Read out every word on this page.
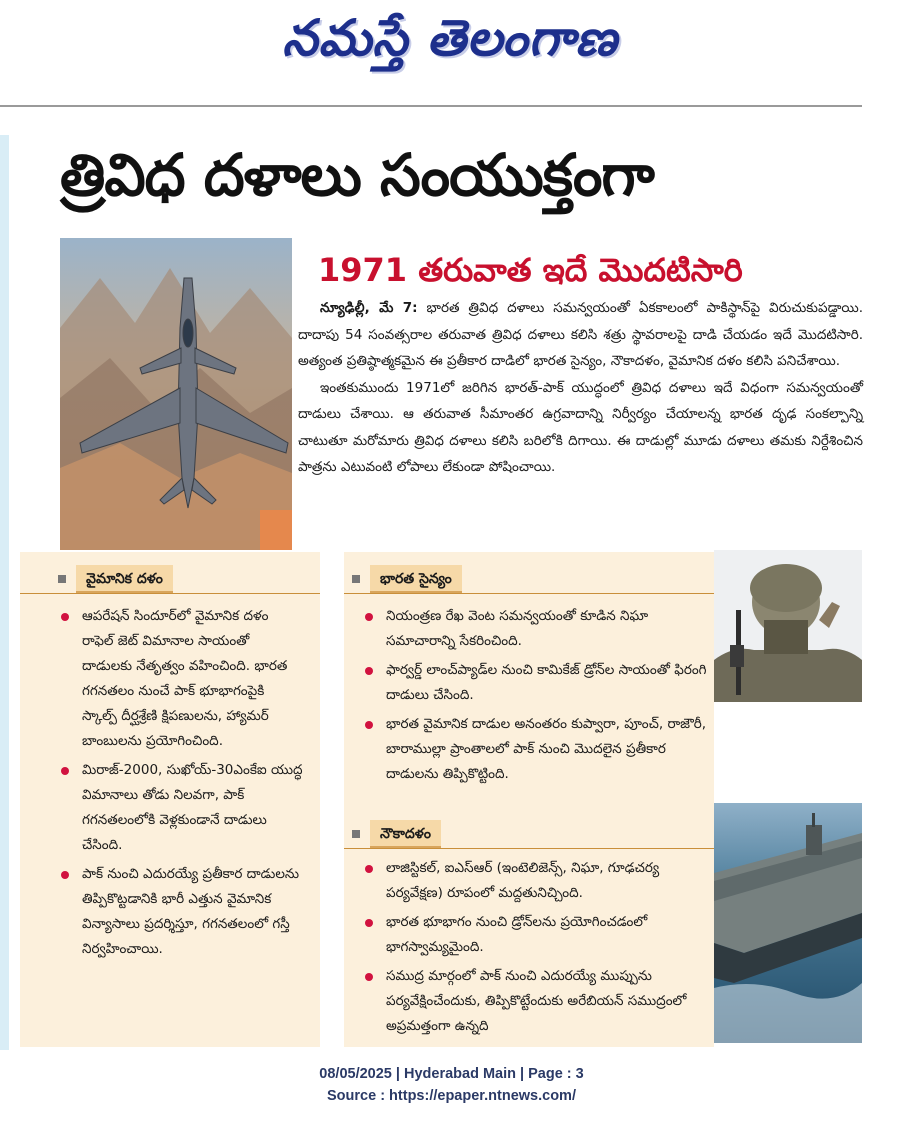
నమస్తే తెలంగాణ
త్రివిధ దళాలు సంయుక్తంగా
1971 తరువాత ఇదే మొదటిసారి

న్యూఢిల్లీ, మే 7: భారత త్రివిధ దళాలు సమన్వయంతో ఏకకాలంలో పాకిస్థాన్‌పై విరుచుకుపడ్డాయి. దాదాపు 54 సంవత్సరాల తరువాత త్రివిధ దళాలు కలిసి శత్రు స్థావరాలపై దాడి చేయడం ఇదే మొదటిసారి. అత్యంత ప్రతిష్ఠాత్మకమైన ఈ ప్రతీకార దాడిలో భారత సైన్యం, నౌకాదళం, వైమానిక దళం కలిసి పనిచేశాయి.

ఇంతకుముందు 1971లో జరిగిన భారత్‌-పాక్‌ యుద్ధంలో త్రివిధ దళాలు ఇదే విధంగా సమన్వయంతో దాడులు చేశాయి. ఆ తరువాత సీమాంతర ఉగ్రవాదాన్ని నిర్వీర్యం చేయాలన్న భారత దృఢ సంకల్పాన్ని చాటుతూ మరోమారు త్రివిధ దళాలు కలిసి బరిలోకి దిగాయి. ఈ దాడుల్లో మూడు దళాలు తమకు నిర్దేశించిన పాత్రను ఎటువంటి లోపాలు లేకుండా పోషించాయి.

వైమానిక దళం
ఆపరేషన్‌ సిందూర్‌లో వైమానిక దళం రాఫెల్‌ జెట్‌ విమానాల సాయంతో దాడులకు నేతృత్వం వహించింది. భారత గగనతలం నుంచే పాక్‌ భూభాగంపైకి స్కాల్ప్‌ దీర్ఘశ్రేణి క్షిపణులను, హ్యామర్‌ బాంబులను ప్రయోగించింది.
మిరాజ్‌-2000, సుఖోయ్‌-30ఎంకేఐ యుద్ధ విమానాలు తోడు నిలవగా, పాక్‌ గగనతలంలోకి వెళ్లకుండానే దాడులు చేసింది.
పాక్‌ నుంచి ఎదురయ్యే ప్రతీకార దాడులను తిప్పికొట్టడానికి భారీ ఎత్తున వైమానిక విన్యాసాలు ప్రదర్శిస్తూ, గగనతలంలో గస్తీ నిర్వహించాయి.
భారత సైన్యం
నియంత్రణ రేఖ వెంట సమన్వయంతో కూడిన నిఘా సమాచారాన్ని సేకరించింది.
ఫార్వర్డ్‌ లాంచ్‌ప్యాడ్‌ల నుంచి కామికేజ్‌ డ్రోన్‌ల సాయంతో ఫిరంగి దాడులు చేసింది.
భారత వైమానిక దాడుల అనంతరం కుప్వారా, పూంచ్‌, రాజౌరీ, బారాముల్లా ప్రాంతాలలో పాక్‌ నుంచి మొదలైన ప్రతీకార దాడులను తిప్పికొట్టింది.
నౌకాదళం
లాజిస్టికల్‌, ఐఎస్‌ఆర్‌ (ఇంటెలిజెన్స్‌, నిఘా, గూఢచర్య పర్యవేక్షణ) రూపంలో మద్దతునిచ్చింది.
భారత భూభాగం నుంచి డ్రోన్‌లను ప్రయోగించడంలో భాగస్వామ్యమైంది.
సముద్ర మార్గంలో పాక్‌ నుంచి ఎదురయ్యే ముప్పును పర్యవేక్షించేందుకు, తిప్పికొట్టేందుకు అరేబియన్‌ సముద్రంలో అప్రమత్తంగా ఉన్నది
08/05/2025 | Hyderabad Main | Page : 3
Source : https://epaper.ntnews.com/
